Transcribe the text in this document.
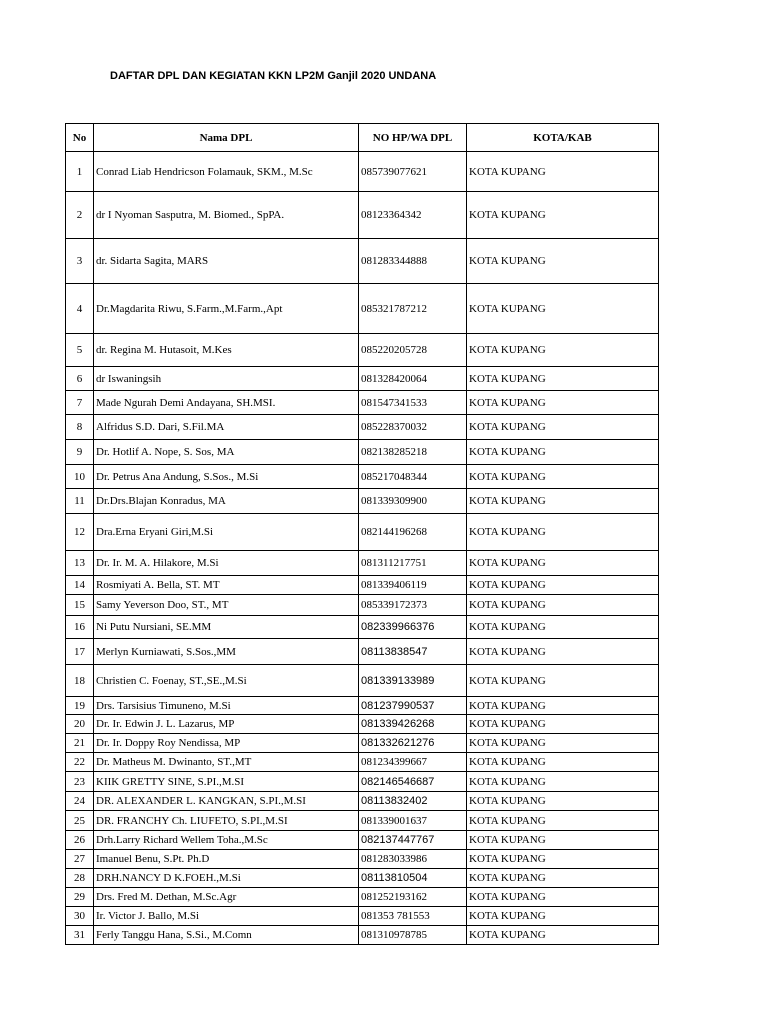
DAFTAR DPL DAN KEGIATAN KKN LP2M Ganjil 2020 UNDANA
No	Nama DPL	NO HP/WA DPL	KOTA/KAB
1	Conrad Liab Hendricson Folamauk, SKM., M.Sc	085739077621	KOTA KUPANG
2	dr I Nyoman Sasputra, M. Biomed., SpPA.	08123364342	KOTA KUPANG
3	dr. Sidarta Sagita, MARS	081283344888	KOTA KUPANG
4	Dr.Magdarita Riwu, S.Farm.,M.Farm.,Apt	085321787212	KOTA KUPANG
5	dr. Regina M. Hutasoit, M.Kes	085220205728	KOTA KUPANG
6	dr Iswaningsih	081328420064	KOTA KUPANG
7	Made Ngurah Demi Andayana, SH.MSI.	081547341533	KOTA KUPANG
8	Alfridus S.D. Dari, S.Fil.MA	085228370032	KOTA KUPANG
9	Dr. Hotlif A. Nope, S. Sos, MA	082138285218	KOTA KUPANG
10	Dr. Petrus Ana Andung, S.Sos., M.Si	085217048344	KOTA KUPANG
11	Dr.Drs.Blajan Konradus, MA	081339309900	KOTA KUPANG
12	Dra.Erna Eryani Giri,M.Si	082144196268	KOTA KUPANG
13	Dr. Ir. M. A. Hilakore, M.Si	081311217751	KOTA KUPANG
14	Rosmiyati A. Bella, ST. MT	081339406119	KOTA KUPANG
15	Samy Yeverson Doo, ST., MT	085339172373	KOTA KUPANG
16	Ni Putu Nursiani, SE.MM	082339966376	KOTA KUPANG
17	Merlyn Kurniawati, S.Sos.,MM	08113838547	KOTA KUPANG
18	Christien C. Foenay, ST.,SE.,M.Si	081339133989	KOTA KUPANG
19	Drs. Tarsisius Timuneno, M.Si	081237990537	KOTA KUPANG
20	Dr. Ir. Edwin J. L. Lazarus, MP	081339426268	KOTA KUPANG
21	Dr. Ir. Doppy Roy Nendissa, MP	081332621276	KOTA KUPANG
22	Dr. Matheus M. Dwinanto, ST.,MT	081234399667	KOTA KUPANG
23	KIIK GRETTY SINE, S.PI.,M.SI	082146546687	KOTA KUPANG
24	DR. ALEXANDER L. KANGKAN, S.PI.,M.SI	08113832402	KOTA KUPANG
25	DR. FRANCHY Ch. LIUFETO, S.PI.,M.SI	081339001637	KOTA KUPANG
26	Drh.Larry Richard Wellem Toha.,M.Sc	082137447767	KOTA KUPANG
27	Imanuel Benu, S.Pt. Ph.D	081283033986	KOTA KUPANG
28	DRH.NANCY D K.FOEH.,M.Si	08113810504	KOTA KUPANG
29	Drs. Fred M. Dethan, M.Sc.Agr	081252193162	KOTA KUPANG
30	Ir. Victor J. Ballo, M.Si	081353 781553	KOTA KUPANG
31	Ferly Tanggu Hana, S.Si., M.Comn	081310978785	KOTA KUPANG
